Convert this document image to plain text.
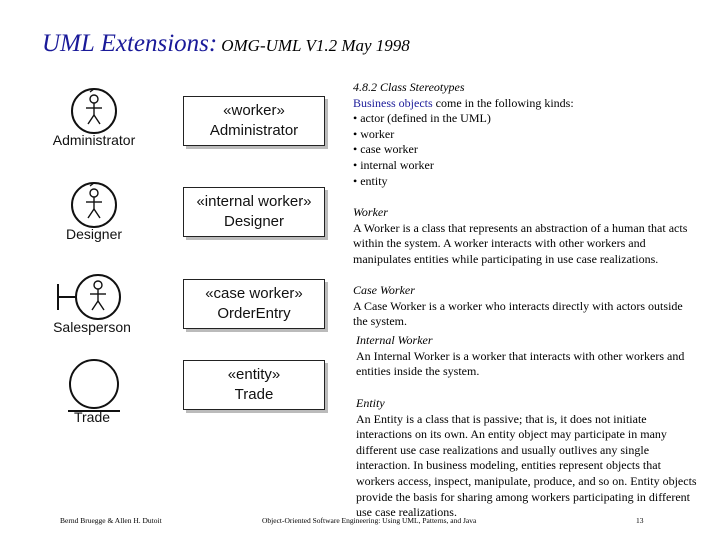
UML Extensions: OMG-UML V1.2 May 1998
Administrator
Designer
Salesperson
Trade
«worker»
Administrator
«internal worker»
Designer
«case worker»
OrderEntry
«entity»
Trade
4.8.2 Class Stereotypes
Business objects come in the following kinds:
• actor (defined in the UML)
• worker
• case worker
• internal worker
• entity
Worker
A Worker is a class that represents an abstraction of a human that acts within the system. A worker interacts with other workers and manipulates entities while participating in use case realizations.
Case Worker
A Case Worker is a worker who interacts directly with actors outside the system.
Internal Worker
An Internal Worker is a worker that interacts with other workers and entities inside the system.
Entity
An Entity is a class that is passive; that is, it does not initiate interactions on its own. An entity object may participate in many different use case realizations and usually outlives any single interaction. In business modeling, entities represent objects that workers access, inspect, manipulate, produce, and so on. Entity objects provide the basis for sharing among workers participating in different use case realizations.
Bernd Bruegge & Allen H. Dutoit	Object-Oriented Software Engineering: Using UML, Patterns, and Java	13
